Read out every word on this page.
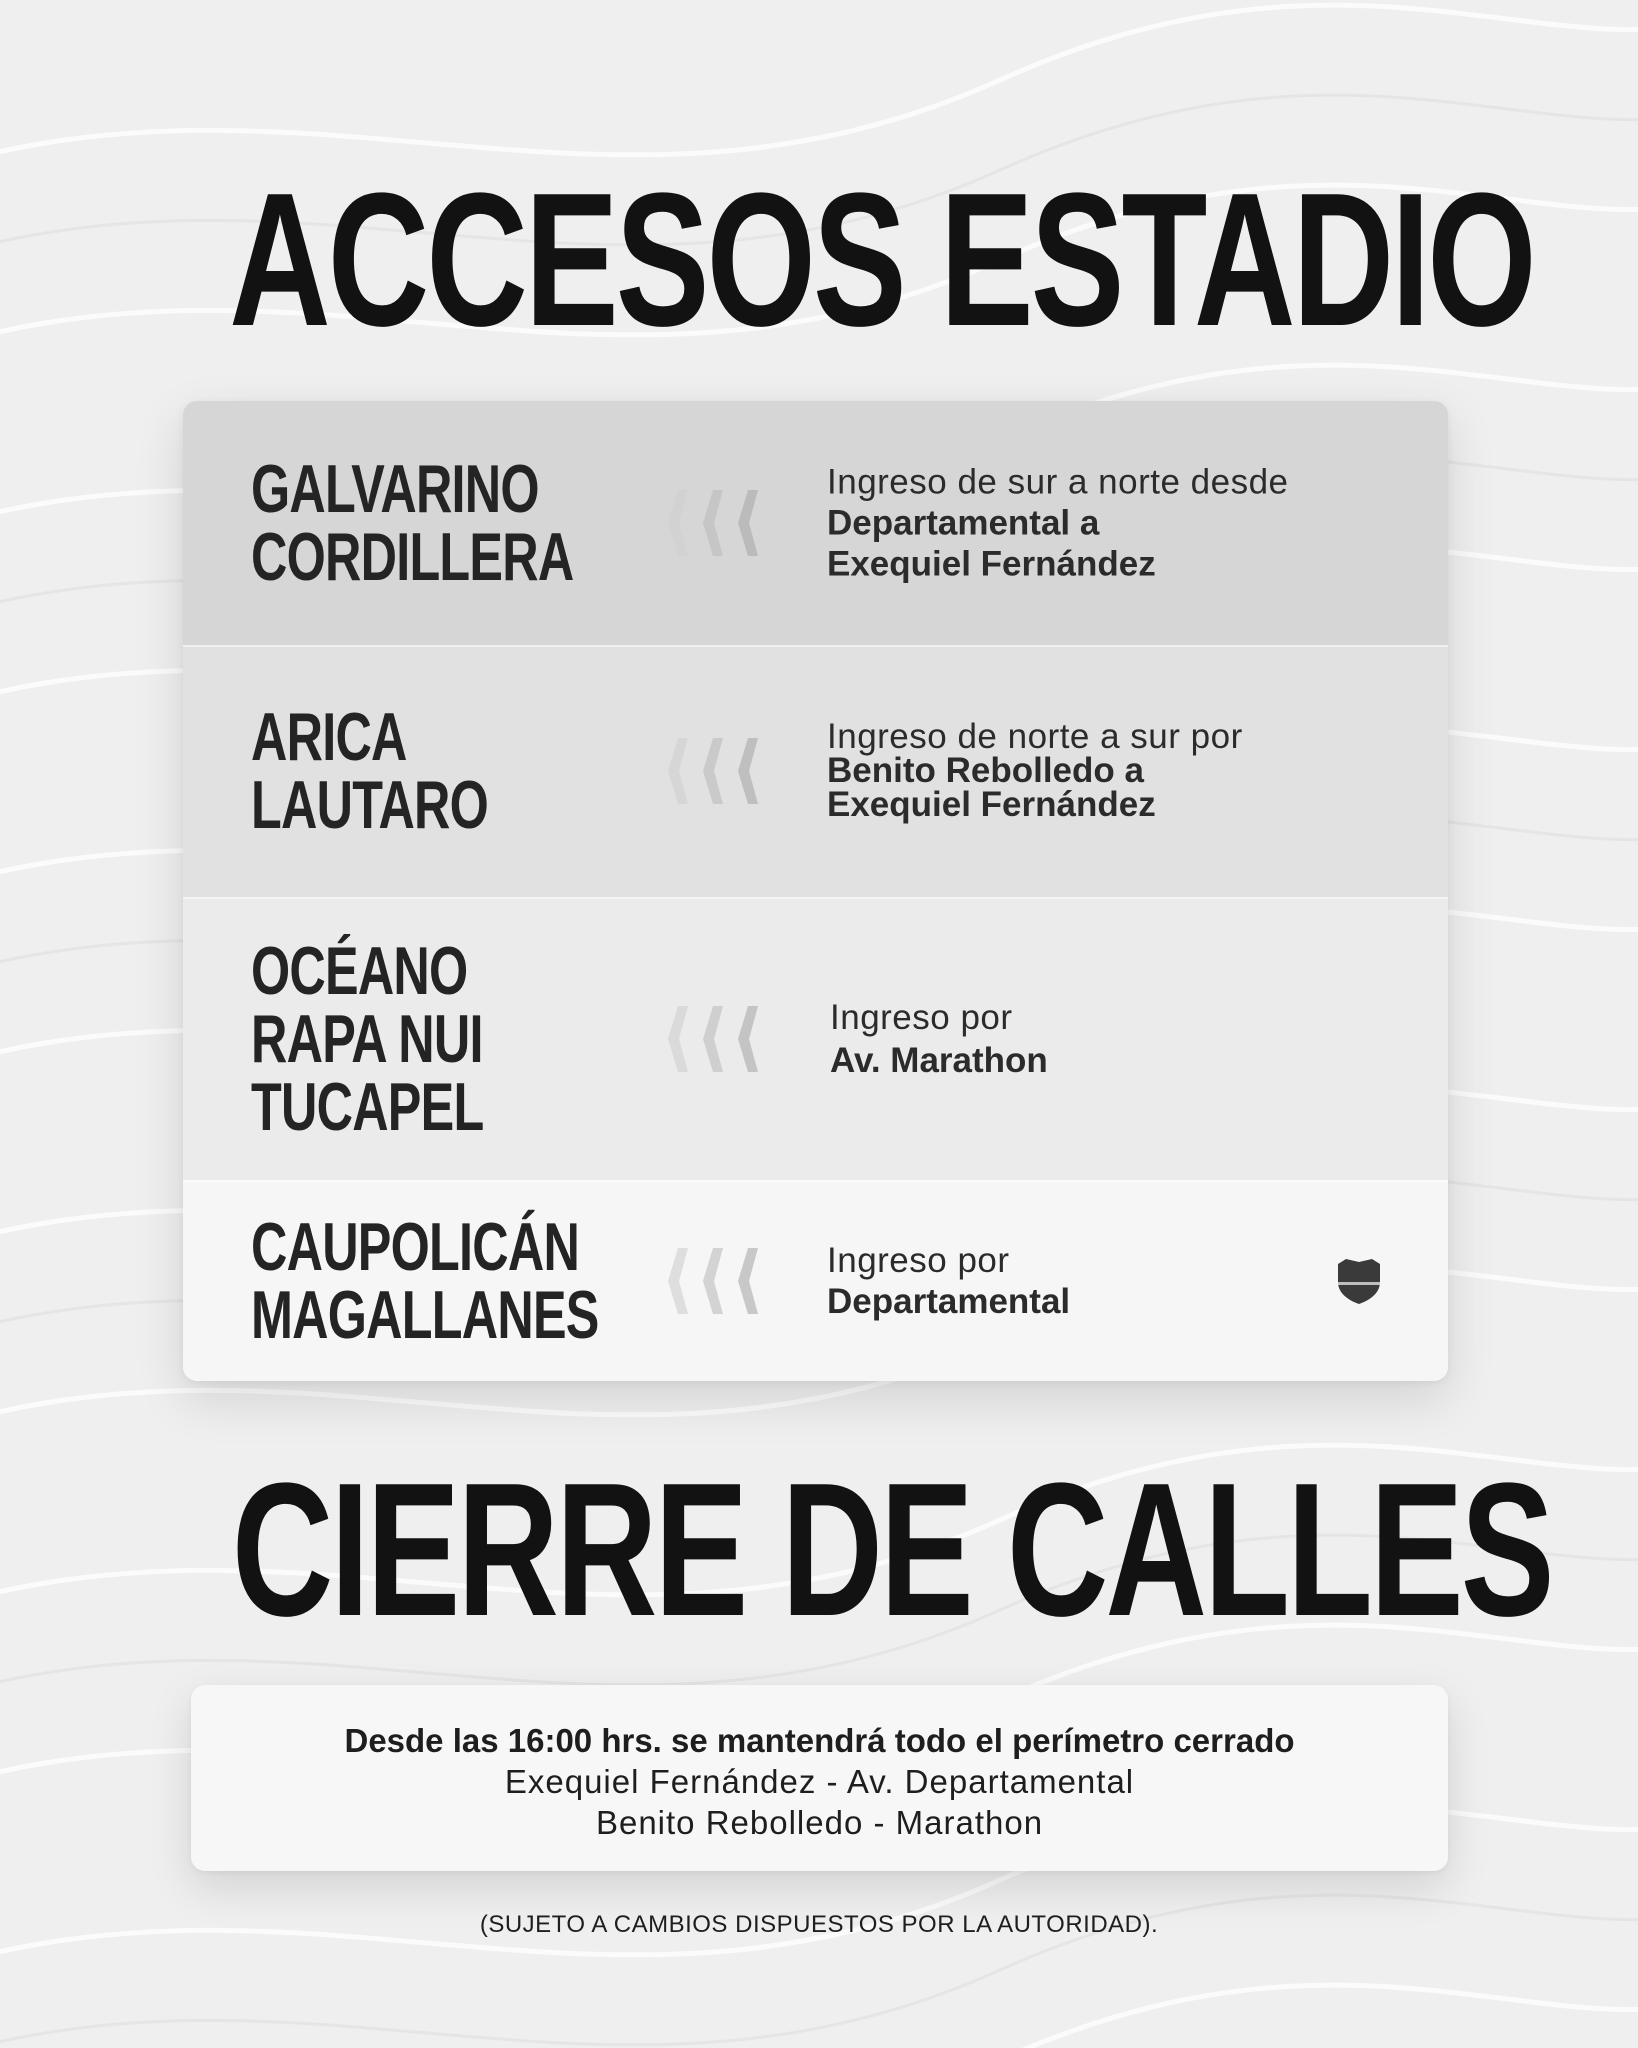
ACCESOS ESTADIO
GALVARINO
CORDILLERA
Ingreso de sur a norte desde
Departamental a
Exequiel Fernández
ARICA
LAUTARO
Ingreso de norte a sur por
Benito Rebolledo a
Exequiel Fernández
OCÉANO
RAPA NUI
TUCAPEL
Ingreso por
Av. Marathon
CAUPOLICÁN
MAGALLANES
Ingreso por
Departamental
CIERRE DE CALLES
Desde las 16:00 hrs. se mantendrá todo el perímetro cerrado
Exequiel Fernández - Av. Departamental
Benito Rebolledo - Marathon
(SUJETO A CAMBIOS DISPUESTOS POR LA AUTORIDAD).
